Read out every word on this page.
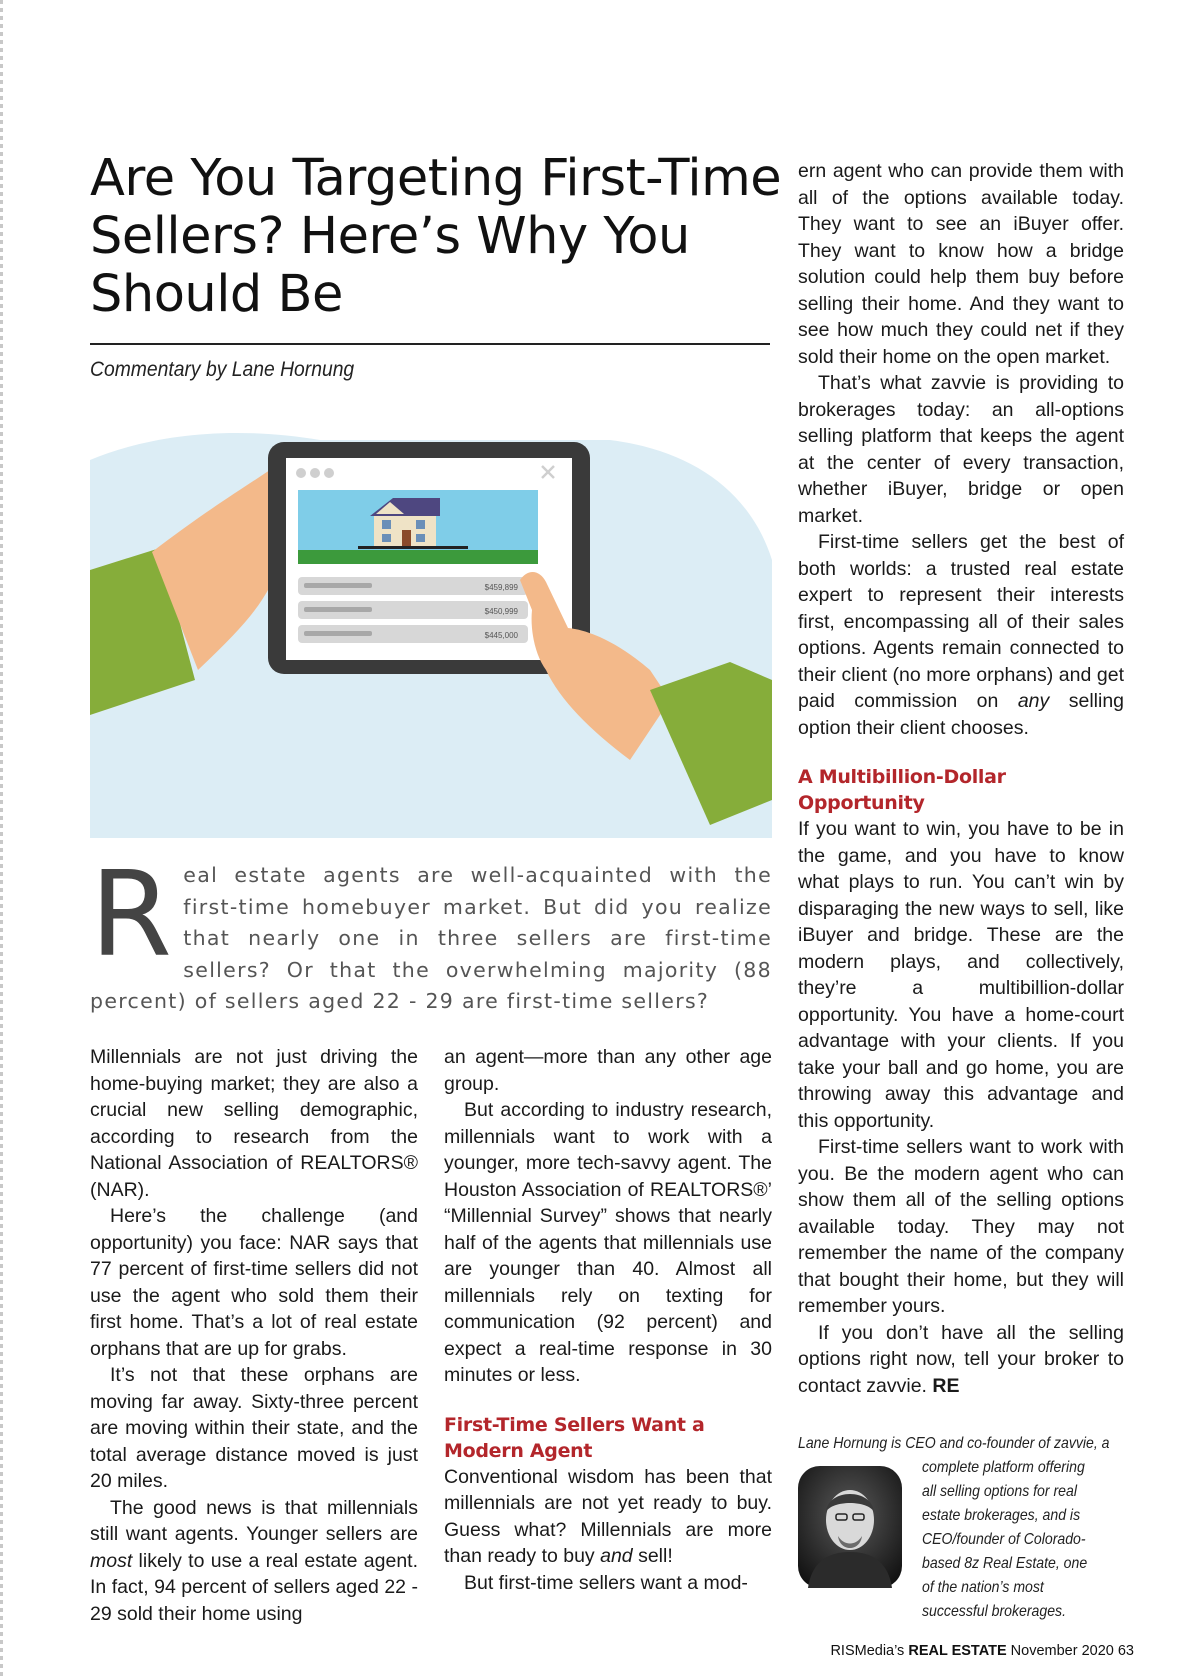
Are You Targeting First-Time Sellers? Here’s Why You Should Be
Commentary by Lane Hornung
$459,899
$450,999
$445,000
Real estate agents are well-acquainted with the first-time homebuyer market. But did you realize that nearly one in three sellers are first-time sellers? Or that the overwhelming majority (88 percent) of sellers aged 22 - 29 are first-time sellers?

Millennials are not just driving the home-buying market; they are also a crucial new selling demographic, according to research from the National Association of REALTORS® (NAR).

Here’s the challenge (and opportunity) you face: NAR says that 77 percent of first-time sellers did not use the agent who sold them their first home. That’s a lot of real estate orphans that are up for grabs.

It’s not that these orphans are moving far away. Sixty-three percent are moving within their state, and the total average distance moved is just 20 miles.

The good news is that millennials still want agents. Younger sellers are most likely to use a real estate agent. In fact, 94 percent of sellers aged 22 - 29 sold their home using

an agent—more than any other age group.

But according to industry research, millennials want to work with a younger, more tech-savvy agent. The Houston Association of REALTORS®’ “Millennial Survey” shows that nearly half of the agents that millennials use are younger than 40. Almost all millennials rely on texting for communication (92 percent) and expect a real-time response in 30 minutes or less.

First-Time Sellers Want a Modern Agent

Conventional wisdom has been that millennials are not yet ready to buy. Guess what? Millennials are more than ready to buy and sell!

But first-time sellers want a mod-

ern agent who can provide them with all of the options available today. They want to see an iBuyer offer. They want to know how a bridge solution could help them buy before selling their home. And they want to see how much they could net if they sold their home on the open market.

That’s what zavvie is providing to brokerages today: an all-options selling platform that keeps the agent at the center of every transaction, whether iBuyer, bridge or open market.

First-time sellers get the best of both worlds: a trusted real estate expert to represent their interests first, encompassing all of their sales options. Agents remain connected to their client (no more orphans) and get paid commission on any selling option their client chooses.

A Multibillion-Dollar Opportunity

If you want to win, you have to be in the game, and you have to know what plays to run. You can’t win by disparaging the new ways to sell, like iBuyer and bridge. These are the modern plays, and collectively, they’re a multibillion-dollar opportunity. You have a home-court advantage with your clients. If you take your ball and go home, you are throwing away this advantage and this opportunity.

First-time sellers want to work with you. Be the modern agent who can show them all of the selling options available today. They may not remember the name of the company that bought their home, but they will remember yours.

If you don’t have all the selling options right now, tell your broker to contact zavvie. RE

Lane Hornung is CEO and co-founder of zavvie, a
complete platform offering all selling options for real estate brokerages, and is CEO/founder of Colorado-based 8z Real Estate, one of the nation’s most successful brokerages.
RISMedia’s REAL ESTATE November 2020 63
